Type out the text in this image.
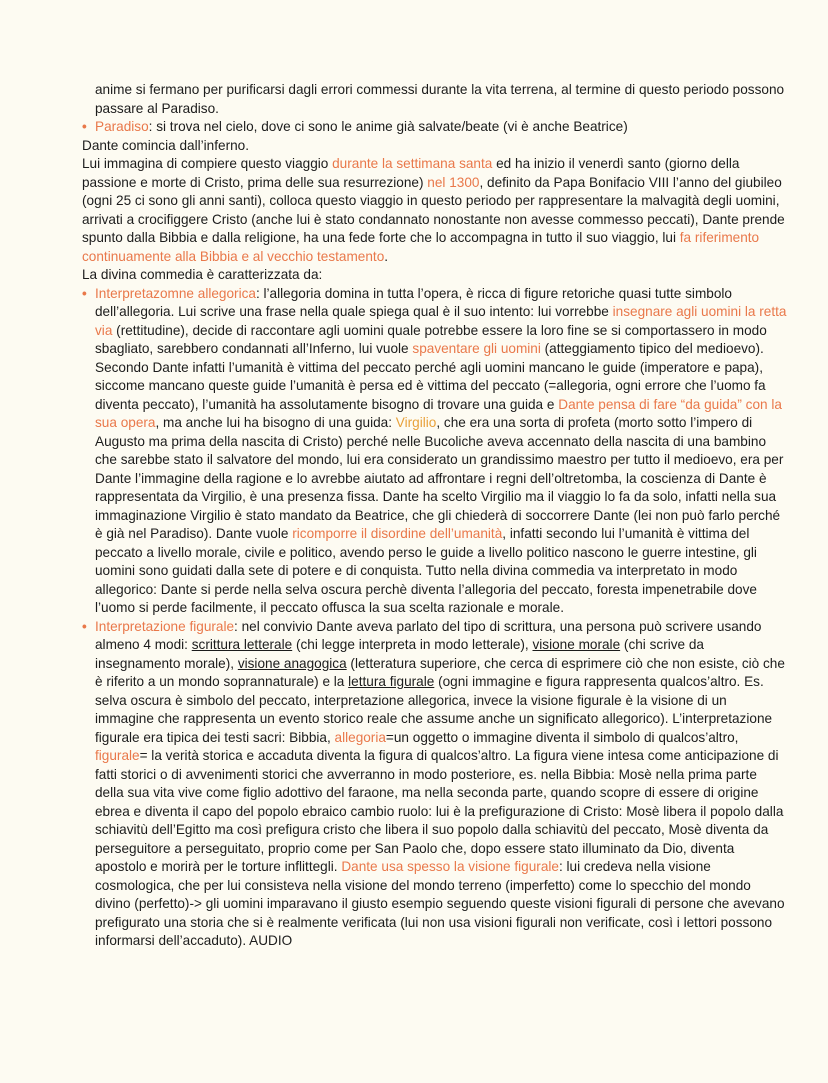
anime si fermano per purificarsi dagli errori commessi durante la vita terrena, al termine di questo periodo possono passare al Paradiso.

• Paradiso: si trova nel cielo, dove ci sono le anime già salvate/beate (vi è anche Beatrice)

Dante comincia dall’inferno.

Lui immagina di compiere questo viaggio durante la settimana santa ed ha inizio il venerdì santo (giorno della passione e morte di Cristo, prima delle sua resurrezione) nel 1300, definito da Papa Bonifacio VIII l’anno del giubileo (ogni 25 ci sono gli anni santi), colloca questo viaggio in questo periodo per rappresentare la malvagità degli uomini, arrivati a crocifiggere Cristo (anche lui è stato condannato nonostante non avesse commesso peccati), Dante prende spunto dalla Bibbia e dalla religione, ha una fede forte che lo accompagna in tutto il suo viaggio, lui fa riferimento continuamente alla Bibbia e al vecchio testamento.

La divina commedia è caratterizzata da:

• Interpretazomne allegorica: l’allegoria domina in tutta l’opera, è ricca di figure retoriche quasi tutte simbolo dell’allegoria. Lui scrive una frase nella quale spiega qual è il suo intento: lui vorrebbe insegnare agli uomini la retta via (rettitudine), decide di raccontare agli uomini quale potrebbe essere la loro fine se si comportassero in modo sbagliato, sarebbero condannati all’Inferno, lui vuole spaventare gli uomini (atteggiamento tipico del medioevo). Secondo Dante infatti l’umanità è vittima del peccato perché agli uomini mancano le guide (imperatore e papa), siccome mancano queste guide l’umanità è persa ed è vittima del peccato (=allegoria, ogni errore che l’uomo fa diventa peccato), l’umanità ha assolutamente bisogno di trovare una guida e Dante pensa di fare “da guida” con la sua opera, ma anche lui ha bisogno di una guida: Virgilio, che era una sorta di profeta (morto sotto l’impero di Augusto ma prima della nascita di Cristo) perché nelle Bucoliche aveva accennato della nascita di una bambino che sarebbe stato il salvatore del mondo, lui era considerato un grandissimo maestro per tutto il medioevo, era per Dante l’immagine della ragione e lo avrebbe aiutato ad affrontare i regni dell’oltretomba, la coscienza di Dante è rappresentata da Virgilio, è una presenza fissa. Dante ha scelto Virgilio ma il viaggio lo fa da solo, infatti nella sua immaginazione Virgilio è stato mandato da Beatrice, che gli chiederà di soccorrere Dante (lei non può farlo perché è già nel Paradiso). Dante vuole ricomporre il disordine dell’umanità, infatti secondo lui l’umanità è vittima del peccato a livello morale, civile e politico, avendo perso le guide a livello politico nascono le guerre intestine, gli uomini sono guidati dalla sete di potere e di conquista. Tutto nella divina commedia va interpretato in modo allegorico: Dante si perde nella selva oscura perchè diventa l’allegoria del peccato, foresta impenetrabile dove l’uomo si perde facilmente, il peccato offusca la sua scelta razionale e morale.

• Interpretazione figurale: nel convivio Dante aveva parlato del tipo di scrittura, una persona può scrivere usando almeno 4 modi: scrittura letterale (chi legge interpreta in modo letterale), visione morale (chi scrive da insegnamento morale), visione anagogica (letteratura superiore, che cerca di esprimere ciò che non esiste, ciò che è riferito a un mondo soprannaturale) e la lettura figurale (ogni immagine e figura rappresenta qualcos’altro. Es. selva oscura è simbolo del peccato, interpretazione allegorica, invece la visione figurale è la visione di un immagine che rappresenta un evento storico reale che assume anche un significato allegorico). L’interpretazione figurale era tipica dei testi sacri: Bibbia, allegoria=un oggetto o immagine diventa il simbolo di qualcos’altro, figurale= la verità storica e accaduta diventa la figura di qualcos’altro. La figura viene intesa come anticipazione di fatti storici o di avvenimenti storici che avverranno in modo posteriore, es. nella Bibbia: Mosè nella prima parte della sua vita vive come figlio adottivo del faraone, ma nella seconda parte, quando scopre di essere di origine ebrea e diventa il capo del popolo ebraico cambio ruolo: lui è la prefigurazione di Cristo: Mosè libera il popolo dalla schiavitù dell’Egitto ma così prefigura cristo che libera il suo popolo dalla schiavitù del peccato, Mosè diventa da perseguitore a perseguitato, proprio come per San Paolo che, dopo essere stato illuminato da Dio, diventa apostolo e morirà per le torture inflittegli. Dante usa spesso la visione figurale: lui credeva nella visione cosmologica, che per lui consisteva nella visione del mondo terreno (imperfetto) come lo specchio del mondo divino (perfetto)-> gli uomini imparavano il giusto esempio seguendo queste visioni figurali di persone che avevano prefigurato una storia che si è realmente verificata (lui non usa visioni figurali non verificate, così i lettori possono informarsi dell’accaduto). AUDIO
